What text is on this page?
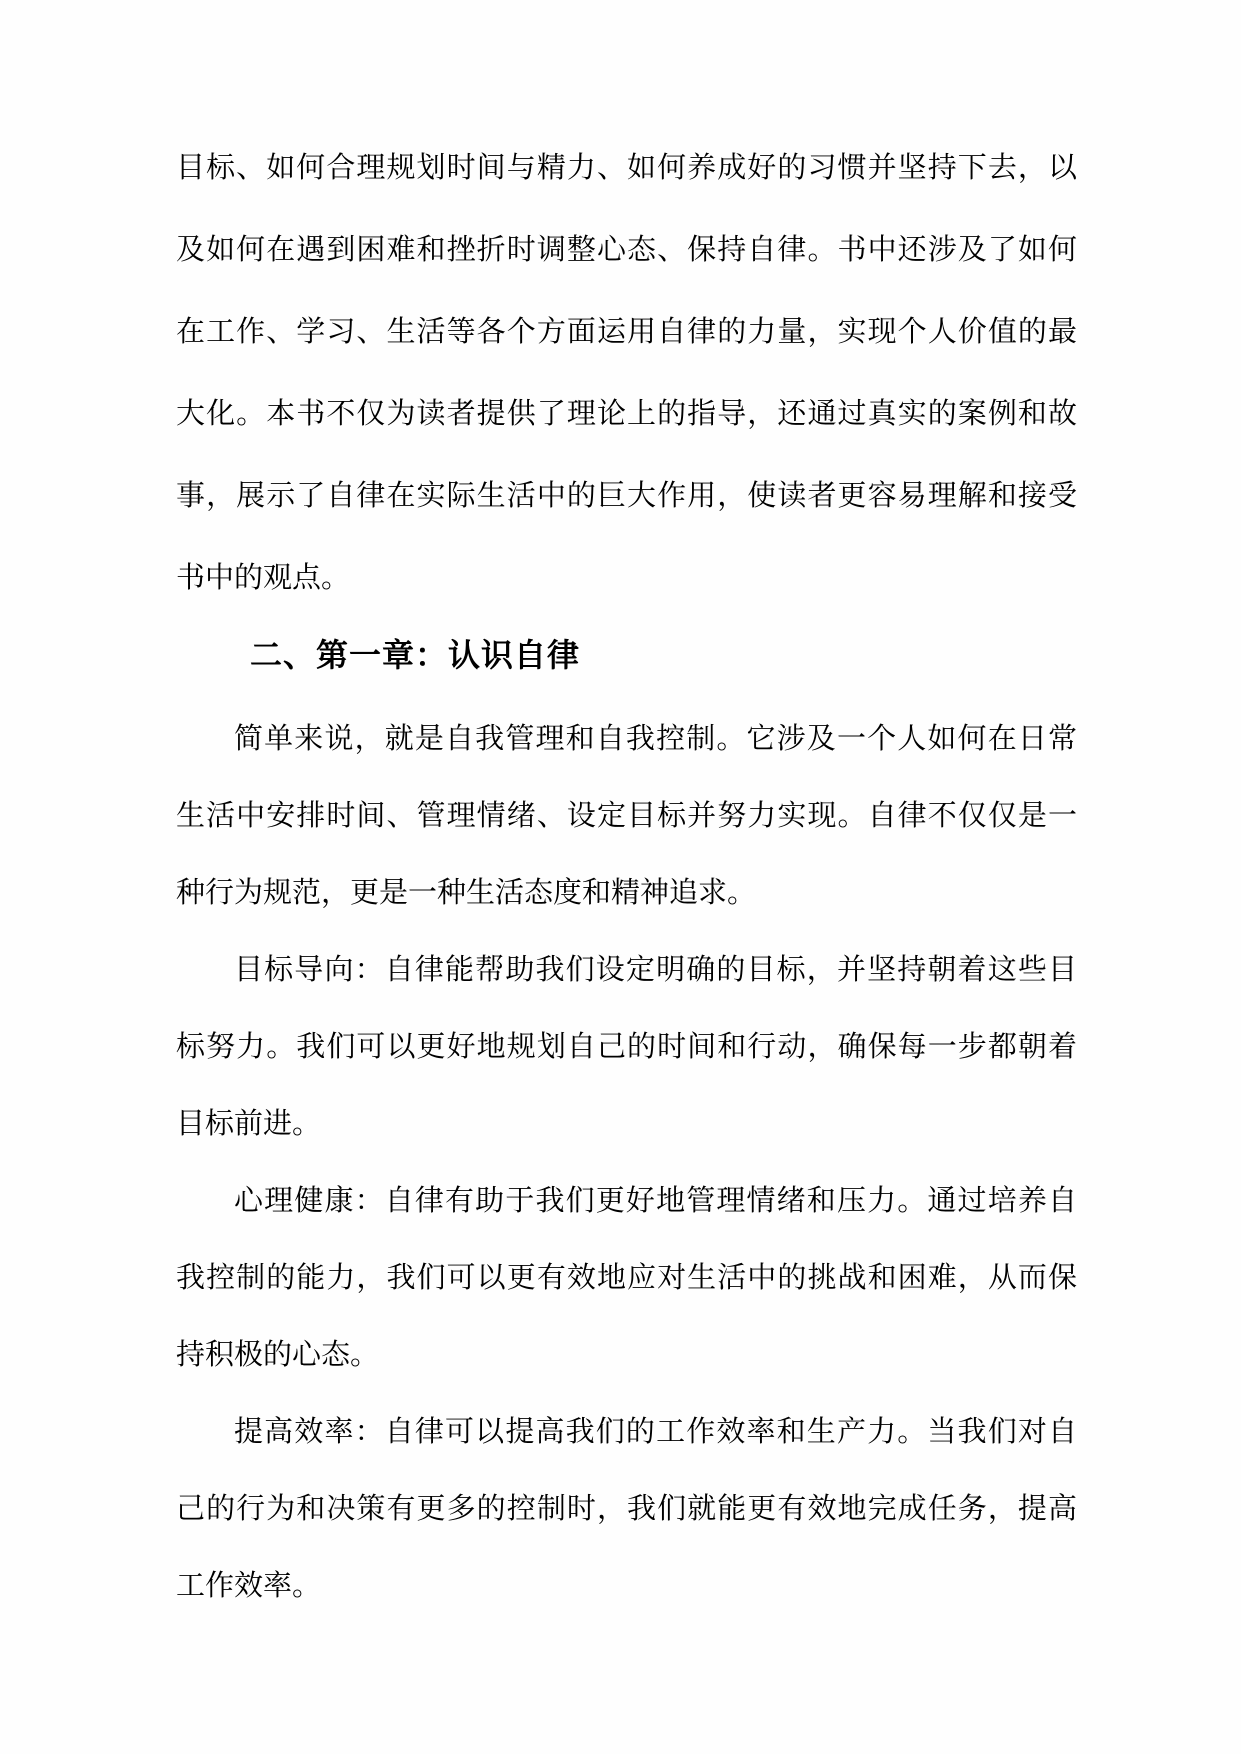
目标、如何合理规划时间与精力、如何养成好的习惯并坚持下去，以
及如何在遇到困难和挫折时调整心态、保持自律。书中还涉及了如何
在工作、学习、生活等各个方面运用自律的力量，实现个人价值的最
大化。本书不仅为读者提供了理论上的指导，还通过真实的案例和故
事，展示了自律在实际生活中的巨大作用，使读者更容易理解和接受
书中的观点。

二、第一章：认识自律

简单来说，就是自我管理和自我控制。它涉及一个人如何在日常
生活中安排时间、管理情绪、设定目标并努力实现。自律不仅仅是一
种行为规范，更是一种生活态度和精神追求。

目标导向：自律能帮助我们设定明确的目标，并坚持朝着这些目
标努力。我们可以更好地规划自己的时间和行动，确保每一步都朝着
目标前进。

心理健康：自律有助于我们更好地管理情绪和压力。通过培养自
我控制的能力，我们可以更有效地应对生活中的挑战和困难，从而保
持积极的心态。

提高效率：自律可以提高我们的工作效率和生产力。当我们对自
己的行为和决策有更多的控制时，我们就能更有效地完成任务，提高
工作效率。
